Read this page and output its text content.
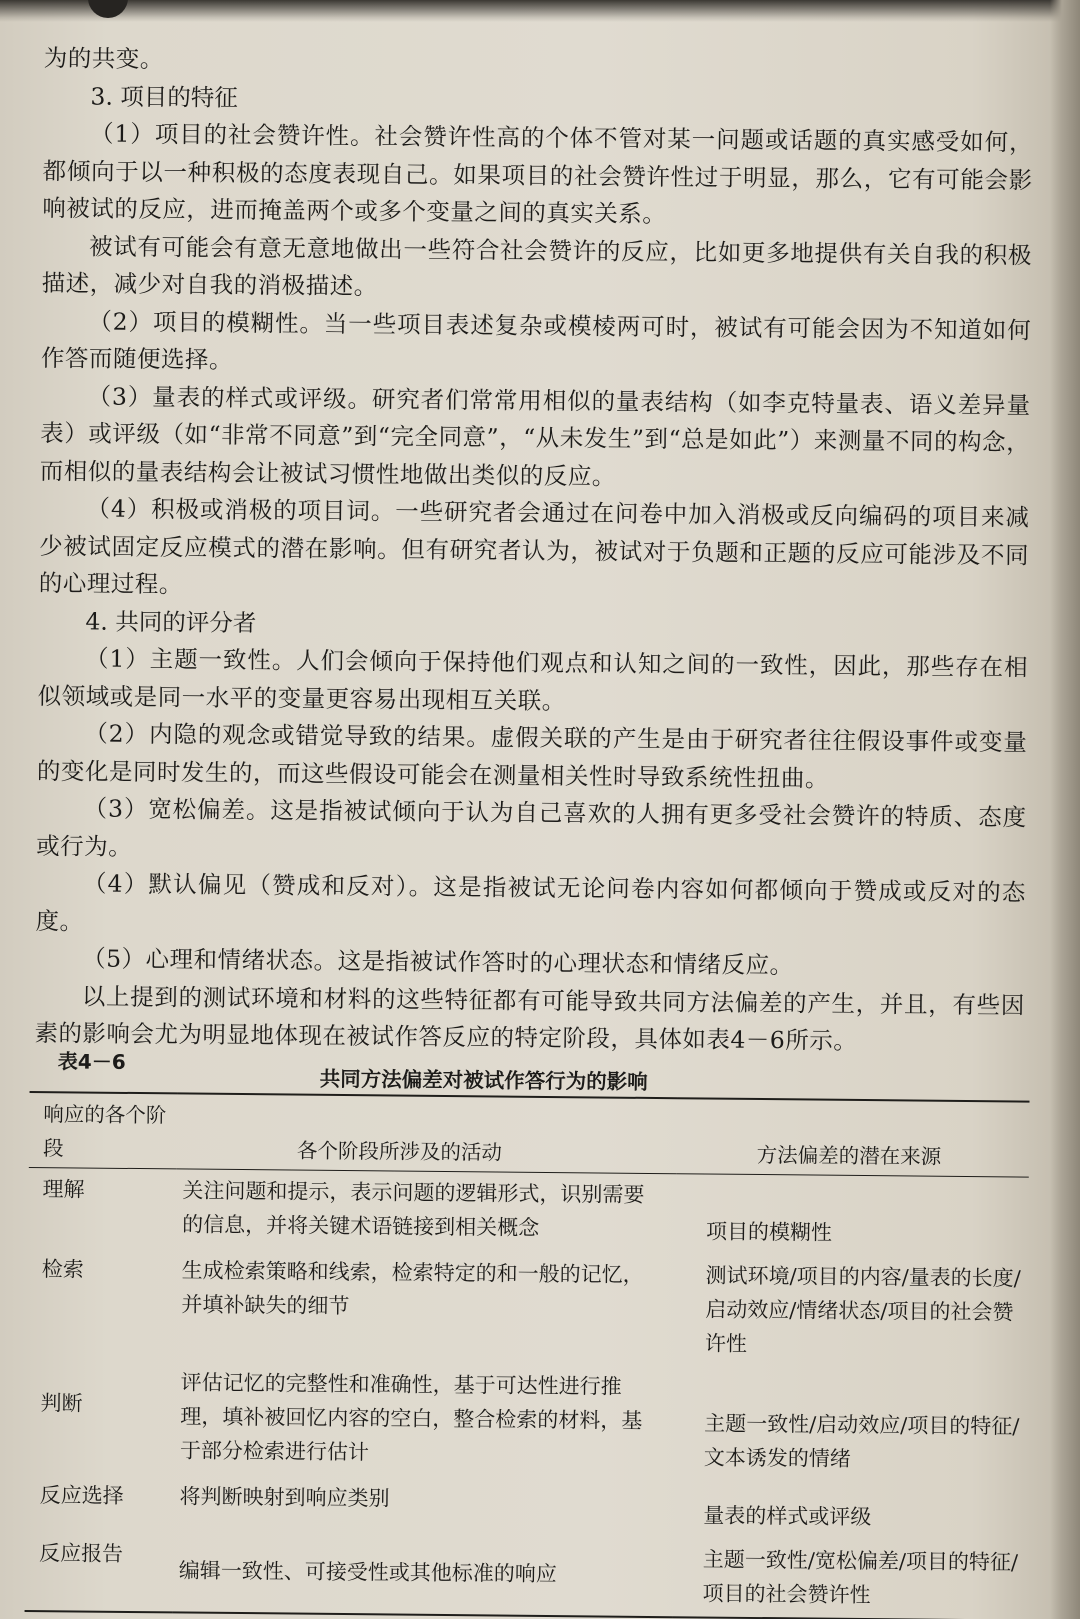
为的共变。

3. 项目的特征

（1）项目的社会赞许性。社会赞许性高的个体不管对某一问题或话题的真实感受如何，都倾向于以一种积极的态度表现自己。如果项目的社会赞许性过于明显，那么，它有可能会影响被试的反应，进而掩盖两个或多个变量之间的真实关系。

被试有可能会有意无意地做出一些符合社会赞许的反应，比如更多地提供有关自我的积极描述，减少对自我的消极描述。

（2）项目的模糊性。当一些项目表述复杂或模棱两可时，被试有可能会因为不知道如何作答而随便选择。

（3）量表的样式或评级。研究者们常常用相似的量表结构（如李克特量表、语义差异量表）或评级（如“非常不同意”到“完全同意”，“从未发生”到“总是如此”）来测量不同的构念，而相似的量表结构会让被试习惯性地做出类似的反应。

（4）积极或消极的项目词。一些研究者会通过在问卷中加入消极或反向编码的项目来减少被试固定反应模式的潜在影响。但有研究者认为，被试对于负题和正题的反应可能涉及不同的心理过程。

4. 共同的评分者

（1）主题一致性。人们会倾向于保持他们观点和认知之间的一致性，因此，那些存在相似领域或是同一水平的变量更容易出现相互关联。

（2）内隐的观念或错觉导致的结果。虚假关联的产生是由于研究者往往假设事件或变量的变化是同时发生的，而这些假设可能会在测量相关性时导致系统性扭曲。

（3）宽松偏差。这是指被试倾向于认为自己喜欢的人拥有更多受社会赞许的特质、态度或行为。

（4）默认偏见（赞成和反对）。这是指被试无论问卷内容如何都倾向于赞成或反对的态度。

（5）心理和情绪状态。这是指被试作答时的心理状态和情绪反应。

以上提到的测试环境和材料的这些特征都有可能导致共同方法偏差的产生，并且，有些因素的影响会尤为明显地体现在被试作答反应的特定阶段，具体如表4－6所示。

表4－6
共同方法偏差对被试作答行为的影响
响应的各个阶段	各个阶段所涉及的活动	方法偏差的潜在来源
理解	关注问题和提示，表示问题的逻辑形式，识别需要的信息，并将关键术语链接到相关概念	项目的模糊性
检索	生成检索策略和线索，检索特定的和一般的记忆，并填补缺失的细节	测试环境/项目的内容/量表的长度/启动效应/情绪状态/项目的社会赞许性
判断	评估记忆的完整性和准确性，基于可达性进行推理，填补被回忆内容的空白，整合检索的材料，基于部分检索进行估计	主题一致性/启动效应/项目的特征/文本诱发的情绪
反应选择	将判断映射到响应类别	量表的样式或评级
反应报告	编辑一致性、可接受性或其他标准的响应	主题一致性/宽松偏差/项目的特征/项目的社会赞许性
